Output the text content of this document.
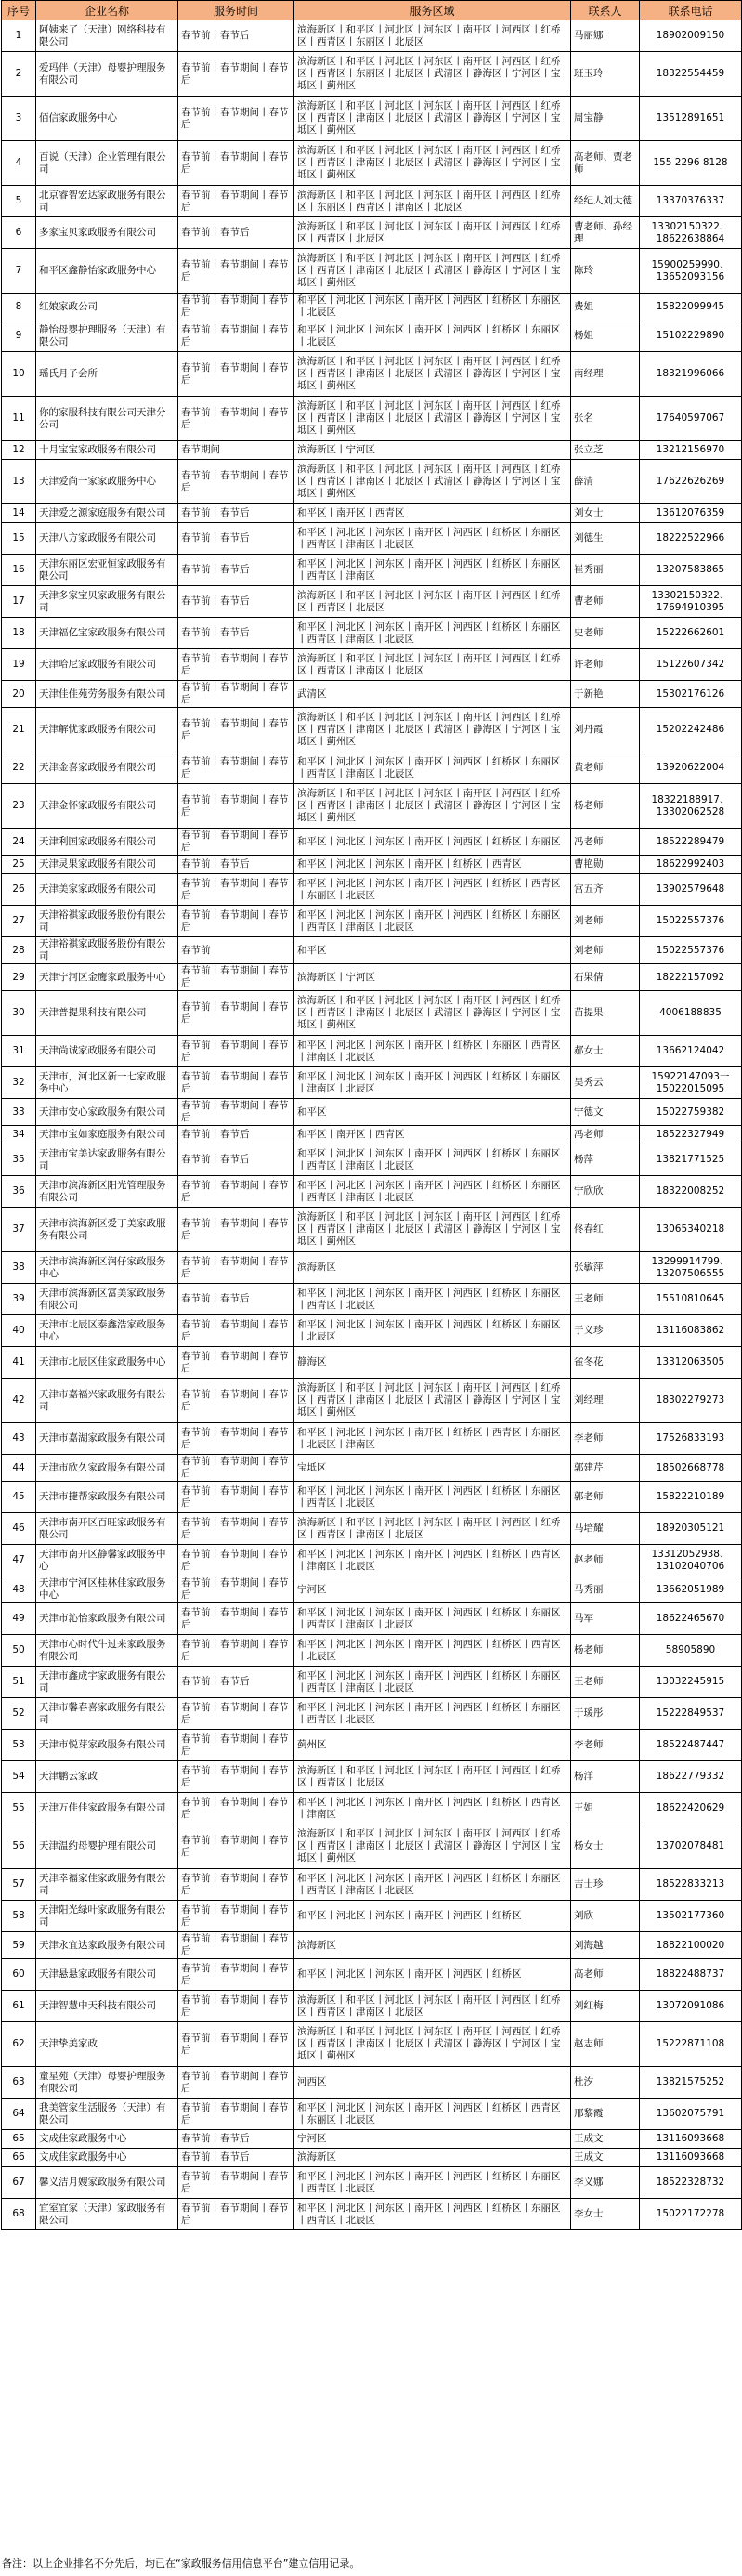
序号	企业名称	服务时间	服务区域	联系人	联系电话
1	阿姨来了（天津）网络科技有限公司	春节前丨春节后	滨海新区丨和平区丨河北区丨河东区丨南开区丨河西区丨红桥区丨西青区丨东丽区丨北辰区	马丽娜	18902009150
2	爱玛伴（天津）母婴护理服务有限公司	春节前丨春节期间丨春节后	滨海新区丨和平区丨河北区丨河东区丨南开区丨河西区丨红桥区丨西青区丨东丽区丨北辰区丨武清区丨静海区丨宁河区丨宝坻区丨蓟州区	班玉玲	18322554459
3	佰信家政服务中心	春节前丨春节期间丨春节后	滨海新区丨和平区丨河北区丨河东区丨南开区丨河西区丨红桥区丨西青区丨津南区丨北辰区丨武清区丨静海区丨宁河区丨宝坻区丨蓟州区	周宝静	13512891651
4	百说（天津）企业管理有限公司	春节前丨春节期间丨春节后	滨海新区丨和平区丨河北区丨河东区丨南开区丨河西区丨红桥区丨西青区丨津南区丨北辰区丨武清区丨静海区丨宁河区丨宝坻区丨蓟州区	高老师、贾老师	155 2296 8128
5	北京睿智宏达家政服务有限公司	春节前丨春节期间丨春节后	滨海新区丨和平区丨河北区丨河东区丨南开区丨河西区丨红桥区丨东丽区丨西青区丨津南区丨北辰区	经纪人刘大德	13370376337
6	多家宝贝家政服务有限公司	春节前丨春节后	滨海新区丨和平区丨河北区丨河东区丨南开区丨河西区丨红桥区丨西青区丨北辰区	曹老师、孙经理	13302150322、18622638864
7	和平区鑫静怡家政服务中心	春节前丨春节期间丨春节后	滨海新区丨和平区丨河北区丨河东区丨南开区丨河西区丨红桥区丨西青区丨津南区丨北辰区丨武清区丨静海区丨宁河区丨宝坻区丨蓟州区	陈玲	15900259990、13652093156
8	红娘家政公司	春节前丨春节期间丨春节后	和平区丨河北区丨河东区丨南开区丨河西区丨红桥区丨东丽区丨北辰区	费姐	15822099945
9	静怡母婴护理服务（天津）有限公司	春节前丨春节期间丨春节后	和平区丨河北区丨河东区丨南开区丨河西区丨红桥区丨东丽区丨北辰区	杨姐	15102229890
10	瑶氏月子会所	春节前丨春节期间丨春节后	滨海新区丨和平区丨河北区丨河东区丨南开区丨河西区丨红桥区丨西青区丨津南区丨北辰区丨武清区丨静海区丨宁河区丨宝坻区丨蓟州区	南经理	18321996066
11	你的家服科技有限公司天津分公司	春节前丨春节期间丨春节后	滨海新区丨和平区丨河北区丨河东区丨南开区丨河西区丨红桥区丨西青区丨津南区丨北辰区丨武清区丨静海区丨宁河区丨宝坻区丨蓟州区	张名	17640597067
12	十月宝宝家政服务有限公司	春节期间	滨海新区丨宁河区	张立芝	13212156970
13	天津爱尚一家家政服务中心	春节前丨春节期间丨春节后	滨海新区丨和平区丨河北区丨河东区丨南开区丨河西区丨红桥区丨西青区丨津南区丨北辰区丨武清区丨静海区丨宁河区丨宝坻区丨蓟州区	薛清	17622626269
14	天津爱之源家庭服务有限公司	春节前丨春节后	和平区丨南开区丨西青区	刘女士	13612076359
15	天津八方家政服务有限公司	春节前丨春节后	和平区丨河北区丨河东区丨南开区丨河西区丨红桥区丨东丽区丨西青区丨津南区丨北辰区	刘德生	18222522966
16	天津东丽区宏亚恒家政服务有限公司	春节前丨春节后	和平区丨河北区丨河东区丨南开区丨河西区丨红桥区丨东丽区丨西青区丨津南区	崔秀丽	13207583865
17	天津多家宝贝家政服务有限公司	春节前丨春节后	滨海新区丨和平区丨河北区丨河东区丨南开区丨河西区丨红桥区丨西青区丨北辰区	曹老师	13302150322、17694910395
18	天津福亿宝家政服务有限公司	春节前丨春节后	和平区丨河北区丨河东区丨南开区丨河西区丨红桥区丨东丽区丨西青区丨津南区丨北辰区	史老师	15222662601
19	天津哈尼家政服务有限公司	春节前丨春节期间丨春节后	滨海新区丨和平区丨河北区丨河东区丨南开区丨河西区丨红桥区丨西青区丨津南区丨北辰区	许老师	15122607342
20	天津佳佳苑劳务服务有限公司	春节前丨春节期间丨春节后	武清区	于新艳	15302176126
21	天津解忧家政服务有限公司	春节前丨春节期间丨春节后	滨海新区丨和平区丨河北区丨河东区丨南开区丨河西区丨红桥区丨西青区丨津南区丨北辰区丨武清区丨静海区丨宁河区丨宝坻区丨蓟州区	刘丹霞	15202242486
22	天津金喜家政服务有限公司	春节前丨春节期间丨春节后	和平区丨河北区丨河东区丨南开区丨河西区丨红桥区丨东丽区丨西青区丨津南区丨北辰区	黄老师	13920622004
23	天津金怀家政服务有限公司	春节前丨春节期间丨春节后	滨海新区丨和平区丨河北区丨河东区丨南开区丨河西区丨红桥区丨西青区丨津南区丨北辰区丨武清区丨静海区丨宁河区丨宝坻区丨蓟州区	杨老师	18322188917、13302062528
24	天津利国家政服务有限公司	春节前丨春节期间丨春节后	和平区丨河北区丨河东区丨南开区丨河西区丨红桥区丨东丽区	冯老师	18522289479
25	天津灵果家政服务有限公司	春节前丨春节后	和平区丨河北区丨河东区丨南开区丨红桥区丨西青区	曹艳勋	18622992403
26	天津美家家政服务有限公司	春节前丨春节期间丨春节后	和平区丨河北区丨河东区丨南开区丨河西区丨红桥区丨西青区丨东丽区丨北辰区	宫五齐	13902579648
27	天津裕祺家政服务股份有限公司	春节前丨春节期间丨春节后	和平区丨河北区丨河东区丨南开区丨河西区丨红桥区丨东丽区丨西青区丨津南区丨北辰区	刘老师	15022557376
28	天津裕祺家政服务股份有限公司	春节前	和平区	刘老师	15022557376
29	天津宁河区金鹰家政服务中心	春节前丨春节期间丨春节后	滨海新区丨宁河区	石果倩	18222157092
30	天津普提果科技有限公司	春节前丨春节期间丨春节后	滨海新区丨和平区丨河北区丨河东区丨南开区丨河西区丨红桥区丨西青区丨津南区丨北辰区丨武清区丨静海区丨宁河区丨宝坻区丨蓟州区	苗提果	4006188835
31	天津尚诚家政服务有限公司	春节前丨春节期间丨春节后	和平区丨河北区丨河东区丨南开区丨红桥区丨东丽区丨西青区丨津南区丨北辰区	郝女士	13662124042
32	天津市，河北区新一七家政服务中心	春节前丨春节期间丨春节后	和平区丨河北区丨河东区丨南开区丨河西区丨红桥区丨东丽区丨津南区丨北辰区	吴秀云	15922147093一15022015095
33	天津市安心家政服务有限公司	春节前丨春节期间丨春节后	和平区	宁德文	15022759382
34	天津市宝如家庭服务有限公司	春节前丨春节后	和平区丨南开区丨西青区	冯老师	18522327949
35	天津市宝美达家政服务有限公司	春节前丨春节后	和平区丨河北区丨河东区丨南开区丨河西区丨红桥区丨东丽区丨西青区丨津南区丨北辰区	杨萍	13821771525
36	天津市滨海新区阳光管理服务有限公司	春节前丨春节期间丨春节后	和平区丨河北区丨河东区丨南开区丨河西区丨红桥区丨东丽区丨西青区丨津南区丨北辰区	宁欣欣	18322008252
37	天津市滨海新区爱丁美家政服务有限公司	春节前丨春节期间丨春节后	滨海新区丨和平区丨河北区丨河东区丨南开区丨河西区丨红桥区丨西青区丨津南区丨北辰区丨武清区丨静海区丨宁河区丨宝坻区丨蓟州区	佟春红	13065340218
38	天津市滨海新区润仔家政服务中心	春节前丨春节期间丨春节后	滨海新区	张敏萍	13299914799、13207506555
39	天津市滨海新区富美家政服务有限公司	春节前丨春节后	和平区丨河北区丨河东区丨南开区丨河西区丨红桥区丨东丽区丨西青区丨北辰区	王老师	15510810645
40	天津市北辰区泰鑫浩家政服务中心	春节前丨春节期间丨春节后	和平区丨河北区丨河东区丨南开区丨河西区丨红桥区丨东丽区丨北辰区	于义珍	13116083862
41	天津市北辰区佳家政服务中心	春节前丨春节期间丨春节后	静海区	雀冬花	13312063505
42	天津市嘉福兴家政服务有限公司	春节前丨春节期间丨春节后	滨海新区丨和平区丨河北区丨河东区丨南开区丨河西区丨红桥区丨西青区丨津南区丨北辰区丨武清区丨静海区丨宁河区丨宝坻区丨蓟州区	刘经理	18302279273
43	天津市嘉湖家政服务有限公司	春节前丨春节期间丨春节后	和平区丨河北区丨河东区丨南开区丨红桥区丨西青区丨东丽区丨北辰区丨津南区	李老师	17526833193
44	天津市欣久家政服务有限公司	春节前丨春节期间丨春节后	宝坻区	郭建芹	18502668778
45	天津市捷帮家政服务有限公司	春节前丨春节期间丨春节后	和平区丨河北区丨河东区丨南开区丨河西区丨红桥区丨东丽区丨西青区丨北辰区	郭老师	15822210189
46	天津市南开区百旺家政服务有限公司	春节前丨春节期间丨春节后	滨海新区丨和平区丨河北区丨河东区丨南开区丨河西区丨红桥区丨西青区丨津南区丨北辰区	马培耀	18920305121
47	天津市南开区静馨家政服务中心	春节前丨春节期间丨春节后	和平区丨河北区丨河东区丨南开区丨河西区丨红桥区丨西青区丨津南区丨北辰区	赵老师	13312052938、13102040706
48	天津市宁河区桂林佳家政服务中心	春节前丨春节期间丨春节后	宁河区	马秀丽	13662051989
49	天津市沁怡家政服务有限公司	春节前丨春节期间丨春节后	和平区丨河北区丨河东区丨南开区丨河西区丨红桥区丨东丽区丨西青区丨津南区丨北辰区	马军	18622465670
50	天津市心时代牛过来家政服务有限公司	春节前丨春节期间丨春节后	和平区丨河北区丨河东区丨南开区丨河西区丨红桥区丨西青区丨北辰区	杨老师	58905890
51	天津市鑫成宇家政服务有限公司	春节前丨春节后	和平区丨河北区丨河东区丨南开区丨河西区丨红桥区丨东丽区丨西青区丨津南区丨北辰区	王老师	13032245915
52	天津市馨春喜家政服务有限公司	春节前丨春节期间丨春节后	和平区丨河北区丨河东区丨南开区丨河西区丨红桥区丨东丽区丨西青区丨北辰区	于瑗彤	15222849537
53	天津市悦芽家政服务有限公司	春节前丨春节期间丨春节后	蓟州区	李老师	18522487447
54	天津鹏云家政	春节前丨春节期间丨春节后	滨海新区丨和平区丨河北区丨河东区丨南开区丨河西区丨红桥区丨西青区丨北辰区	杨洋	18622779332
55	天津万佳佳家政服务有限公司	春节前丨春节期间丨春节后	和平区丨河北区丨河东区丨南开区丨河西区丨红桥区丨西青区丨津南区	王姐	18622420629
56	天津温约母婴护理有限公司	春节前丨春节期间丨春节后	滨海新区丨和平区丨河北区丨河东区丨南开区丨河西区丨红桥区丨西青区丨津南区丨北辰区丨武清区丨静海区丨宁河区丨宝坻区丨蓟州区	杨女士	13702078481
57	天津幸福家佳家政服务有限公司	春节前丨春节期间丨春节后	和平区丨河北区丨河东区丨南开区丨河西区丨红桥区丨东丽区丨西青区丨津南区丨北辰区	吉士珍	18522833213
58	天津阳光绿叶家政服务有限公司	春节前丨春节期间丨春节后	和平区丨河北区丨河东区丨南开区丨河西区丨红桥区	刘欣	13502177360
59	天津永宜达家政服务有限公司	春节前丨春节期间丨春节后	滨海新区	刘海越	18822100020
60	天津悬悬家政服务有限公司	春节前丨春节期间丨春节后	和平区丨河北区丨河东区丨南开区丨河西区丨红桥区	高老师	18822488737
61	天津智慧中天科技有限公司	春节前丨春节期间丨春节后	滨海新区丨和平区丨河北区丨河东区丨南开区丨河西区丨红桥区丨西青区丨津南区丨北辰区	刘红梅	13072091086
62	天津挚美家政	春节前丨春节期间丨春节后	滨海新区丨和平区丨河北区丨河东区丨南开区丨河西区丨红桥区丨西青区丨津南区丨北辰区丨武清区丨静海区丨宁河区丨宝坻区丨蓟州区	赵志师	15222871108
63	童星苑（天津）母婴护理服务有限公司	春节前丨春节期间丨春节后	河西区	杜汐	13821575252
64	我美管家生活服务（天津）有限公司	春节前丨春节期间丨春节后	和平区丨河北区丨河东区丨南开区丨河西区丨红桥区丨西青区丨东丽区丨北辰区	邢黎霞	13602075791
65	文成佳家政服务中心	春节前丨春节后	宁河区	王成文	13116093668
66	文成佳家政服务中心	春节前丨春节后	滨海新区	王成文	13116093668
67	馨义洁月嫂家政服务有限公司	春节前丨春节期间丨春节后	和平区丨河北区丨河东区丨南开区丨河西区丨红桥区丨东丽区丨西青区丨北辰区	李义娜	18522328732
68	宜室宜家（天津）家政服务有限公司	春节前丨春节期间丨春节后	和平区丨河北区丨河东区丨南开区丨河西区丨红桥区丨东丽区丨西青区丨北辰区	李女士	15022172278
备注：以上企业排名不分先后，均已在“家政服务信用信息平台”建立信用记录。
